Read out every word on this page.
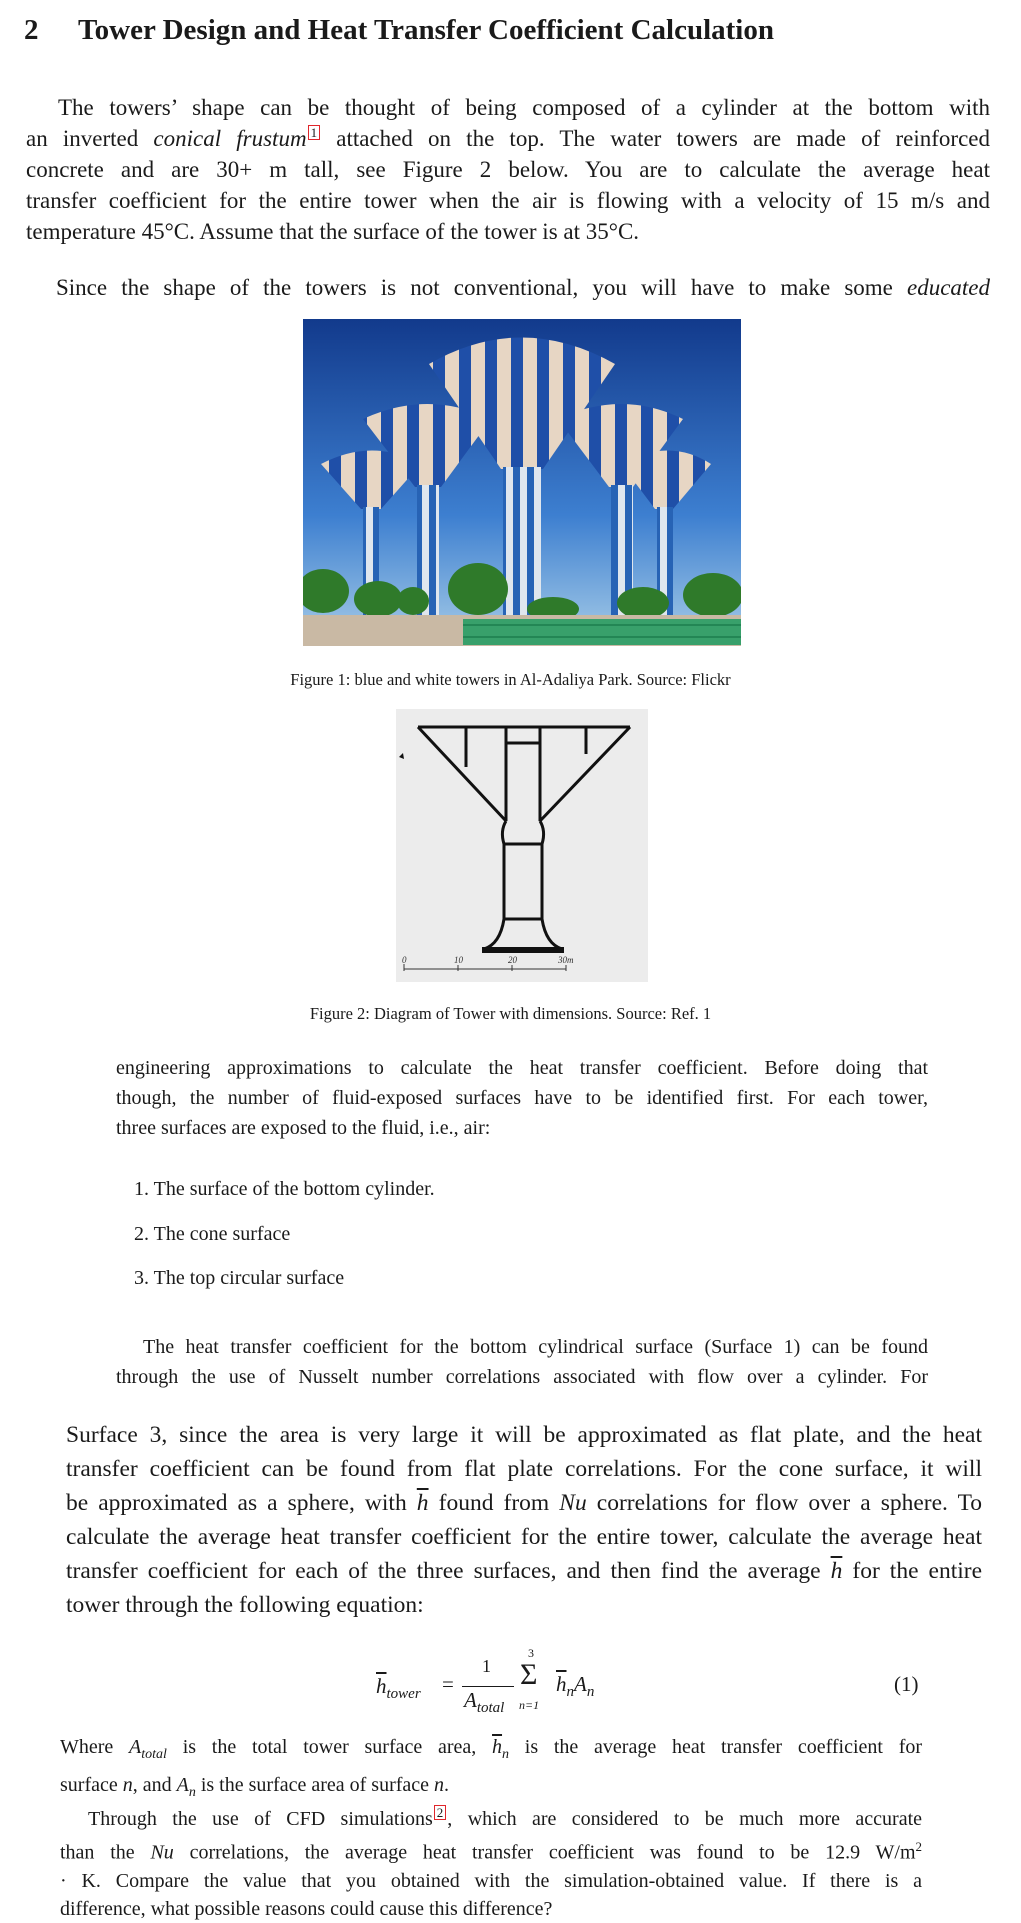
2 Tower Design and Heat Transfer Coefficient Calculation
The towers’ shape can be thought of being composed of a cylinder at the bottom with
an inverted conical frustum 1 attached on the top. The water towers are made of reinforced
concrete and are 30+ m tall, see Figure 2 below. You are to calculate the average heat
transfer coefficient for the entire tower when the air is flowing with a velocity of 15 m/s and
temperature 45°C. Assume that the surface of the tower is at 35°C.
Since the shape of the towers is not conventional, you will have to make some educated
Figure 1: blue and white towers in Al-Adaliya Park. Source: Flickr
0	10	20	30m
Figure 2: Diagram of Tower with dimensions. Source: Ref. 1
engineering approximations to calculate the heat transfer coefficient. Before doing that
though, the number of fluid-exposed surfaces have to be identified first. For each tower,
three surfaces are exposed to the fluid, i.e., air:
1. The surface of the bottom cylinder.
2. The cone surface
3. The top circular surface
The heat transfer coefficient for the bottom cylindrical surface (Surface 1) can be found
through the use of Nusselt number correlations associated with flow over a cylinder. For
Surface 3, since the area is very large it will be approximated as flat plate, and the heat
transfer coefficient can be found from flat plate correlations. For the cone surface, it will
be approximated as a sphere, with $\overline{h}$ found from Nu correlations for flow over a sphere. To
calculate the average heat transfer coefficient for the entire tower, calculate the average heat
transfer coefficient for each of the three surfaces, and then find the average $\overline{h}$ for the entire
tower through the following equation:
$\overline{h}_{tower}$ =
1
$A_{total}$
3
Σ
n=1
$\overline{h}_nA_n$	(1)
Where $A_{total}$ is the total tower surface area, $\overline{h}_n$ is the average heat transfer coefficient for
surface n, and $A_n$ is the surface area of surface n.
Through the use of CFD simulations 2 , which are considered to be much more accurate
than the Nu correlations, the average heat transfer coefficient was found to be 12.9 $W/m^2$
· K. Compare the value that you obtained with the simulation-obtained value. If there is a
difference, what possible reasons could cause this difference?
